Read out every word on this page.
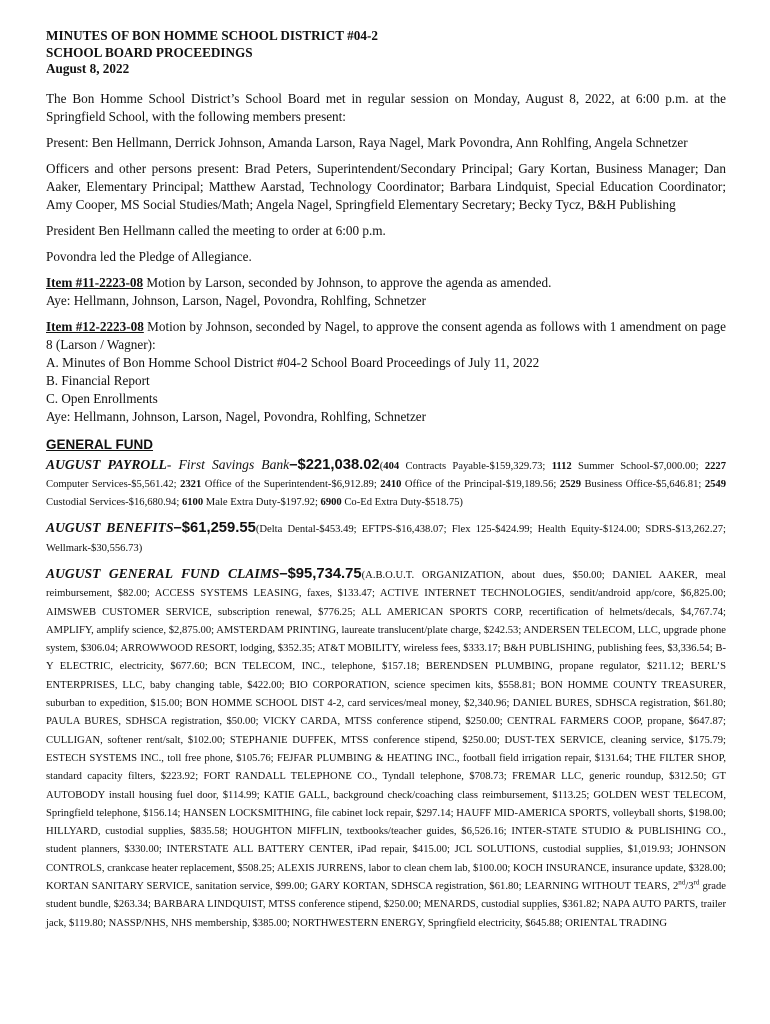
MINUTES OF BON HOMME SCHOOL DISTRICT #04-2
SCHOOL BOARD PROCEEDINGS
August 8, 2022
The Bon Homme School District’s School Board met in regular session on Monday, August 8, 2022, at 6:00 p.m. at the Springfield School, with the following members present:
Present: Ben Hellmann, Derrick Johnson, Amanda Larson, Raya Nagel, Mark Povondra, Ann Rohlfing, Angela Schnetzer
Officers and other persons present: Brad Peters, Superintendent/Secondary Principal; Gary Kortan, Business Manager; Dan Aaker, Elementary Principal; Matthew Aarstad, Technology Coordinator; Barbara Lindquist, Special Education Coordinator; Amy Cooper, MS Social Studies/Math; Angela Nagel, Springfield Elementary Secretary; Becky Tycz, B&H Publishing
President Ben Hellmann called the meeting to order at 6:00 p.m.
Povondra led the Pledge of Allegiance.
Item #11-2223-08 Motion by Larson, seconded by Johnson, to approve the agenda as amended.
Aye: Hellmann, Johnson, Larson, Nagel, Povondra, Rohlfing, Schnetzer
Item #12-2223-08 Motion by Johnson, seconded by Nagel, to approve the consent agenda as follows with 1 amendment on page 8 (Larson / Wagner):
A. Minutes of Bon Homme School District #04-2 School Board Proceedings of July 11, 2022
B. Financial Report
C. Open Enrollments
Aye: Hellmann, Johnson, Larson, Nagel, Povondra, Rohlfing, Schnetzer
GENERAL FUND
AUGUST PAYROLL- First Savings Bank–$221,038.02(404 Contracts Payable-$159,329.73; 1112 Summer School-$7,000.00; 2227 Computer Services-$5,561.42; 2321 Office of the Superintendent-$6,912.89; 2410 Office of the Principal-$19,189.56; 2529 Business Office-$5,646.81; 2549 Custodial Services-$16,680.94; 6100 Male Extra Duty-$197.92; 6900 Co-Ed Extra Duty-$518.75)
AUGUST BENEFITS–$61,259.55(Delta Dental-$453.49; EFTPS-$16,438.07; Flex 125-$424.99; Health Equity-$124.00; SDRS-$13,262.27; Wellmark-$30,556.73)
AUGUST GENERAL FUND CLAIMS–$95,734.75(A.B.O.U.T. ORGANIZATION, about dues, $50.00; DANIEL AAKER, meal reimbursement, $82.00; ACCESS SYSTEMS LEASING, faxes, $133.47; ACTIVE INTERNET TECHNOLOGIES, sendit/android app/core, $6,825.00; AIMSWEB CUSTOMER SERVICE, subscription renewal, $776.25; ALL AMERICAN SPORTS CORP, recertification of helmets/decals, $4,767.74; AMPLIFY, amplify science, $2,875.00; AMSTERDAM PRINTING, laureate translucent/plate charge, $242.53; ANDERSEN TELECOM, LLC, upgrade phone system, $306.04; ARROWWOOD RESORT, lodging, $352.35; AT&T MOBILITY, wireless fees, $333.17; B&H PUBLISHING, publishing fees, $3,336.54; B-Y ELECTRIC, electricity, $677.60; BCN TELECOM, INC., telephone, $157.18; BERENDSEN PLUMBING, propane regulator, $211.12; BERL’S ENTERPRISES, LLC, baby changing table, $422.00; BIO CORPORATION, science specimen kits, $558.81; BON HOMME COUNTY TREASURER, suburban to expedition, $15.00; BON HOMME SCHOOL DIST 4-2, card services/meal money, $2,340.96; DANIEL BURES, SDHSCA registration, $61.80; PAULA BURES, SDHSCA registration, $50.00; VICKY CARDA, MTSS conference stipend, $250.00; CENTRAL FARMERS COOP, propane, $647.87; CULLIGAN, softener rent/salt, $102.00; STEPHANIE DUFFEK, MTSS conference stipend, $250.00; DUST-TEX SERVICE, cleaning service, $175.79; ESTECH SYSTEMS INC., toll free phone, $105.76; FEJFAR PLUMBING & HEATING INC., football field irrigation repair, $131.64; THE FILTER SHOP, standard capacity filters, $223.92; FORT RANDALL TELEPHONE CO., Tyndall telephone, $708.73; FREMAR LLC, generic roundup, $312.50; GT AUTOBODY install housing fuel door, $114.99; KATIE GALL, background check/coaching class reimbursement, $113.25; GOLDEN WEST TELECOM, Springfield telephone, $156.14; HANSEN LOCKSMITHING, file cabinet lock repair, $297.14; HAUFF MID-AMERICA SPORTS, volleyball shorts, $198.00; HILLYARD, custodial supplies, $835.58; HOUGHTON MIFFLIN, textbooks/teacher guides, $6,526.16; INTER-STATE STUDIO & PUBLISHING CO., student planners, $330.00; INTERSTATE ALL BATTERY CENTER, iPad repair, $415.00; JCL SOLUTIONS, custodial supplies, $1,019.93; JOHNSON CONTROLS, crankcase heater replacement, $508.25; ALEXIS JURRENS, labor to clean chem lab, $100.00; KOCH INSURANCE, insurance update, $328.00; KORTAN SANITARY SERVICE, sanitation service, $99.00; GARY KORTAN, SDHSCA registration, $61.80; LEARNING WITHOUT TEARS, 2nd/3rd grade student bundle, $263.34; BARBARA LINDQUIST, MTSS conference stipend, $250.00; MENARDS, custodial supplies, $361.82; NAPA AUTO PARTS, trailer jack, $119.80; NASSP/NHS, NHS membership, $385.00; NORTHWESTERN ENERGY, Springfield electricity, $645.88; ORIENTAL TRADING
